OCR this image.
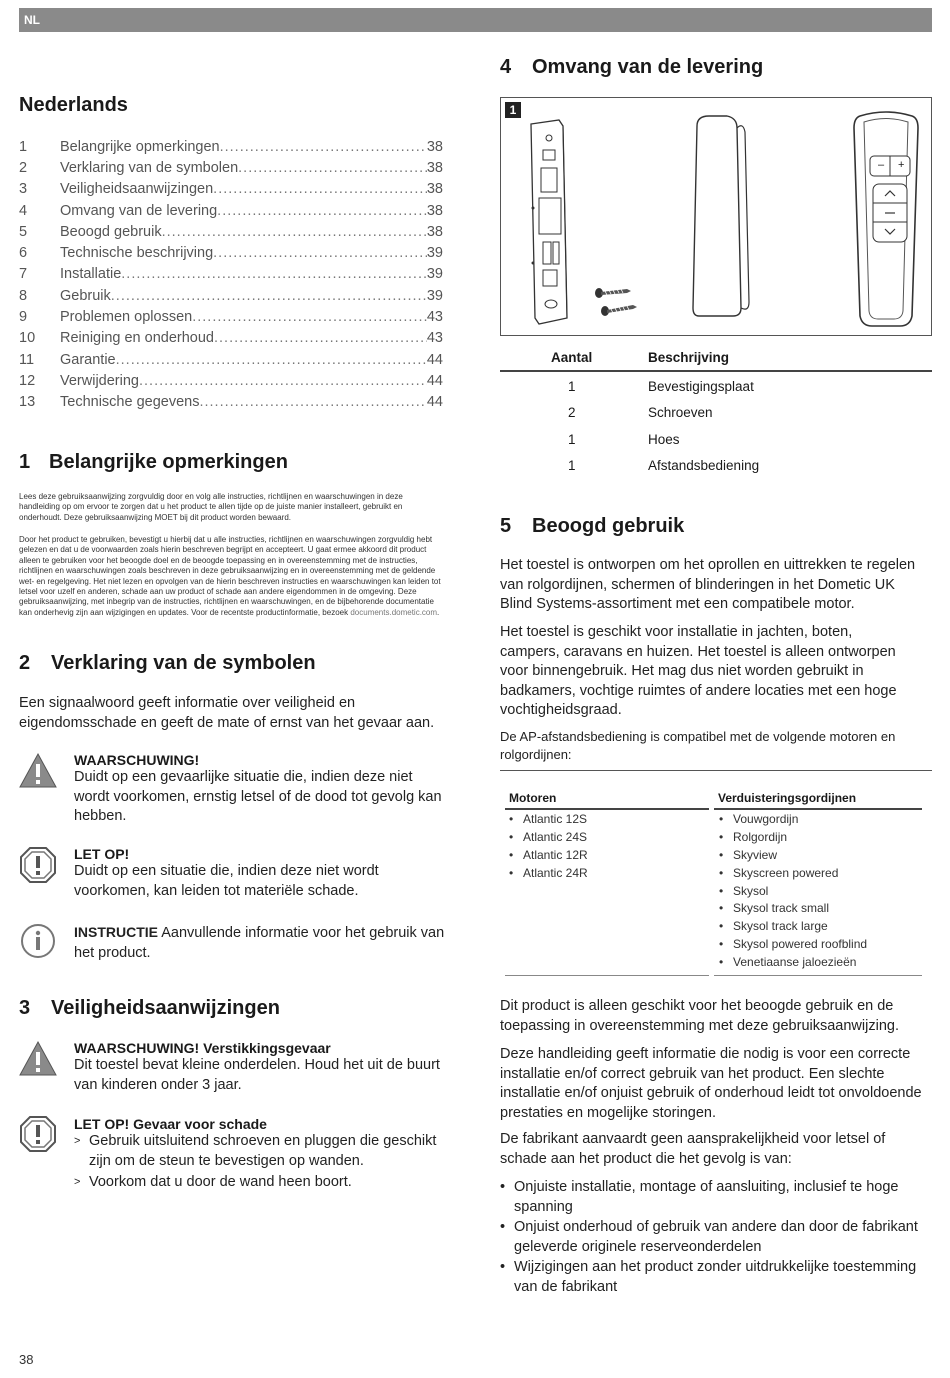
NL
Nederlands
1	Belangrijke opmerkingen .....	38
2	Verklaring van de symbolen .....	38
3	Veiligheidsaanwijzingen .....	38
4	Omvang van de levering .....	38
5	Beoogd gebruik .....	38
6	Technische beschrijving .....	39
7	Installatie .....	39
8	Gebruik .....	39
9	Problemen oplossen .....	43
10	Reiniging en onderhoud .....	43
11	Garantie .....	44
12	Verwijdering .....	44
13	Technische gegevens .....	44
1 Belangrijke opmerkingen
Lees deze gebruiksaanwijzing zorgvuldig door en volg alle instructies, richtlijnen en waarschuwingen in deze handleiding op om ervoor te zorgen dat u het product te allen tijde op de juiste manier installeert, gebruikt en onderhoudt. Deze gebruiksaanwijzing MOET bij dit product worden bewaard.
Door het product te gebruiken, bevestigt u hierbij dat u alle instructies, richtlijnen en waarschuwingen zorgvuldig hebt gelezen en dat u de voorwaarden zoals hierin beschreven begrijpt en accepteert. U gaat ermee akkoord dit product alleen te gebruiken voor het beoogde doel en de beoogde toepassing en in overeenstemming met de instructies, richtlijnen en waarschuwingen zoals beschreven in deze gebruiksaanwijzing en in overeenstemming met de geldende wet- en regelgeving. Het niet lezen en opvolgen van de hierin beschreven instructies en waarschuwingen kan leiden tot letsel voor uzelf en anderen, schade aan uw product of schade aan andere eigendommen in de omgeving. Deze gebruiksaanwijzing, met inbegrip van de instructies, richtlijnen en waarschuwingen, en de bijbehorende documentatie kan onderhevig zijn aan wijzigingen en updates. Voor de recentste productinformatie, bezoek documents.dometic.com.
2 Verklaring van de symbolen
Een signaalwoord geeft informatie over veiligheid en eigendomsschade en geeft de mate of ernst van het gevaar aan.
WAARSCHUWING!
Duidt op een gevaarlijke situatie die, indien deze niet wordt voorkomen, ernstig letsel of de dood tot gevolg kan hebben.
LET OP!
Duidt op een situatie die, indien deze niet wordt voorkomen, kan leiden tot materiële schade.
INSTRUCTIE Aanvullende informatie voor het gebruik van het product.
3 Veiligheidsaanwijzingen
WAARSCHUWING! Verstikkingsgevaar
Dit toestel bevat kleine onderdelen. Houd het uit de buurt van kinderen onder 3 jaar.
LET OP! Gevaar voor schade
> Gebruik uitsluitend schroeven en pluggen die geschikt zijn om de steun te bevestigen op wanden.
> Voorkom dat u door de wand heen boort.
38
4 Omvang van de levering
1
– +
Aantal	Beschrijving
1	Bevestigingsplaat
2	Schroeven
1	Hoes
1	Afstandsbediening
5 Beoogd gebruik
Het toestel is ontworpen om het oprollen en uittrekken te regelen van rolgordijnen, schermen of blinderingen in het Dometic UK Blind Systems-assortiment met een compatibele motor.
Het toestel is geschikt voor installatie in jachten, boten, campers, caravans en huizen. Het toestel is alleen ontworpen voor binnengebruik. Het mag dus niet worden gebruikt in badkamers, vochtige ruimtes of andere locaties met een hoge vochtigheidsgraad.
De AP-afstandsbediening is compatibel met de volgende motoren en rolgordijnen:
Motoren	Verduisteringsgordijnen
• Atlantic 12S
• Atlantic 24S
• Atlantic 12R
• Atlantic 24R
• Vouwgordijn
• Rolgordijn
• Skyview
• Skyscreen powered
• Skysol
• Skysol track small
• Skysol track large
• Skysol powered roofblind
• Venetiaanse jaloezieën
Dit product is alleen geschikt voor het beoogde gebruik en de toepassing in overeenstemming met deze gebruiksaanwijzing.
Deze handleiding geeft informatie die nodig is voor een correcte installatie en/of correct gebruik van het product. Een slechte installatie en/of onjuist gebruik of onderhoud leidt tot onvoldoende prestaties en mogelijke storingen.
De fabrikant aanvaardt geen aansprakelijkheid voor letsel of schade aan het product die het gevolg is van:
• Onjuiste installatie, montage of aansluiting, inclusief te hoge spanning
• Onjuist onderhoud of gebruik van andere dan door de fabrikant geleverde originele reserveonderdelen
• Wijzigingen aan het product zonder uitdrukkelijke toestemming van de fabrikant
